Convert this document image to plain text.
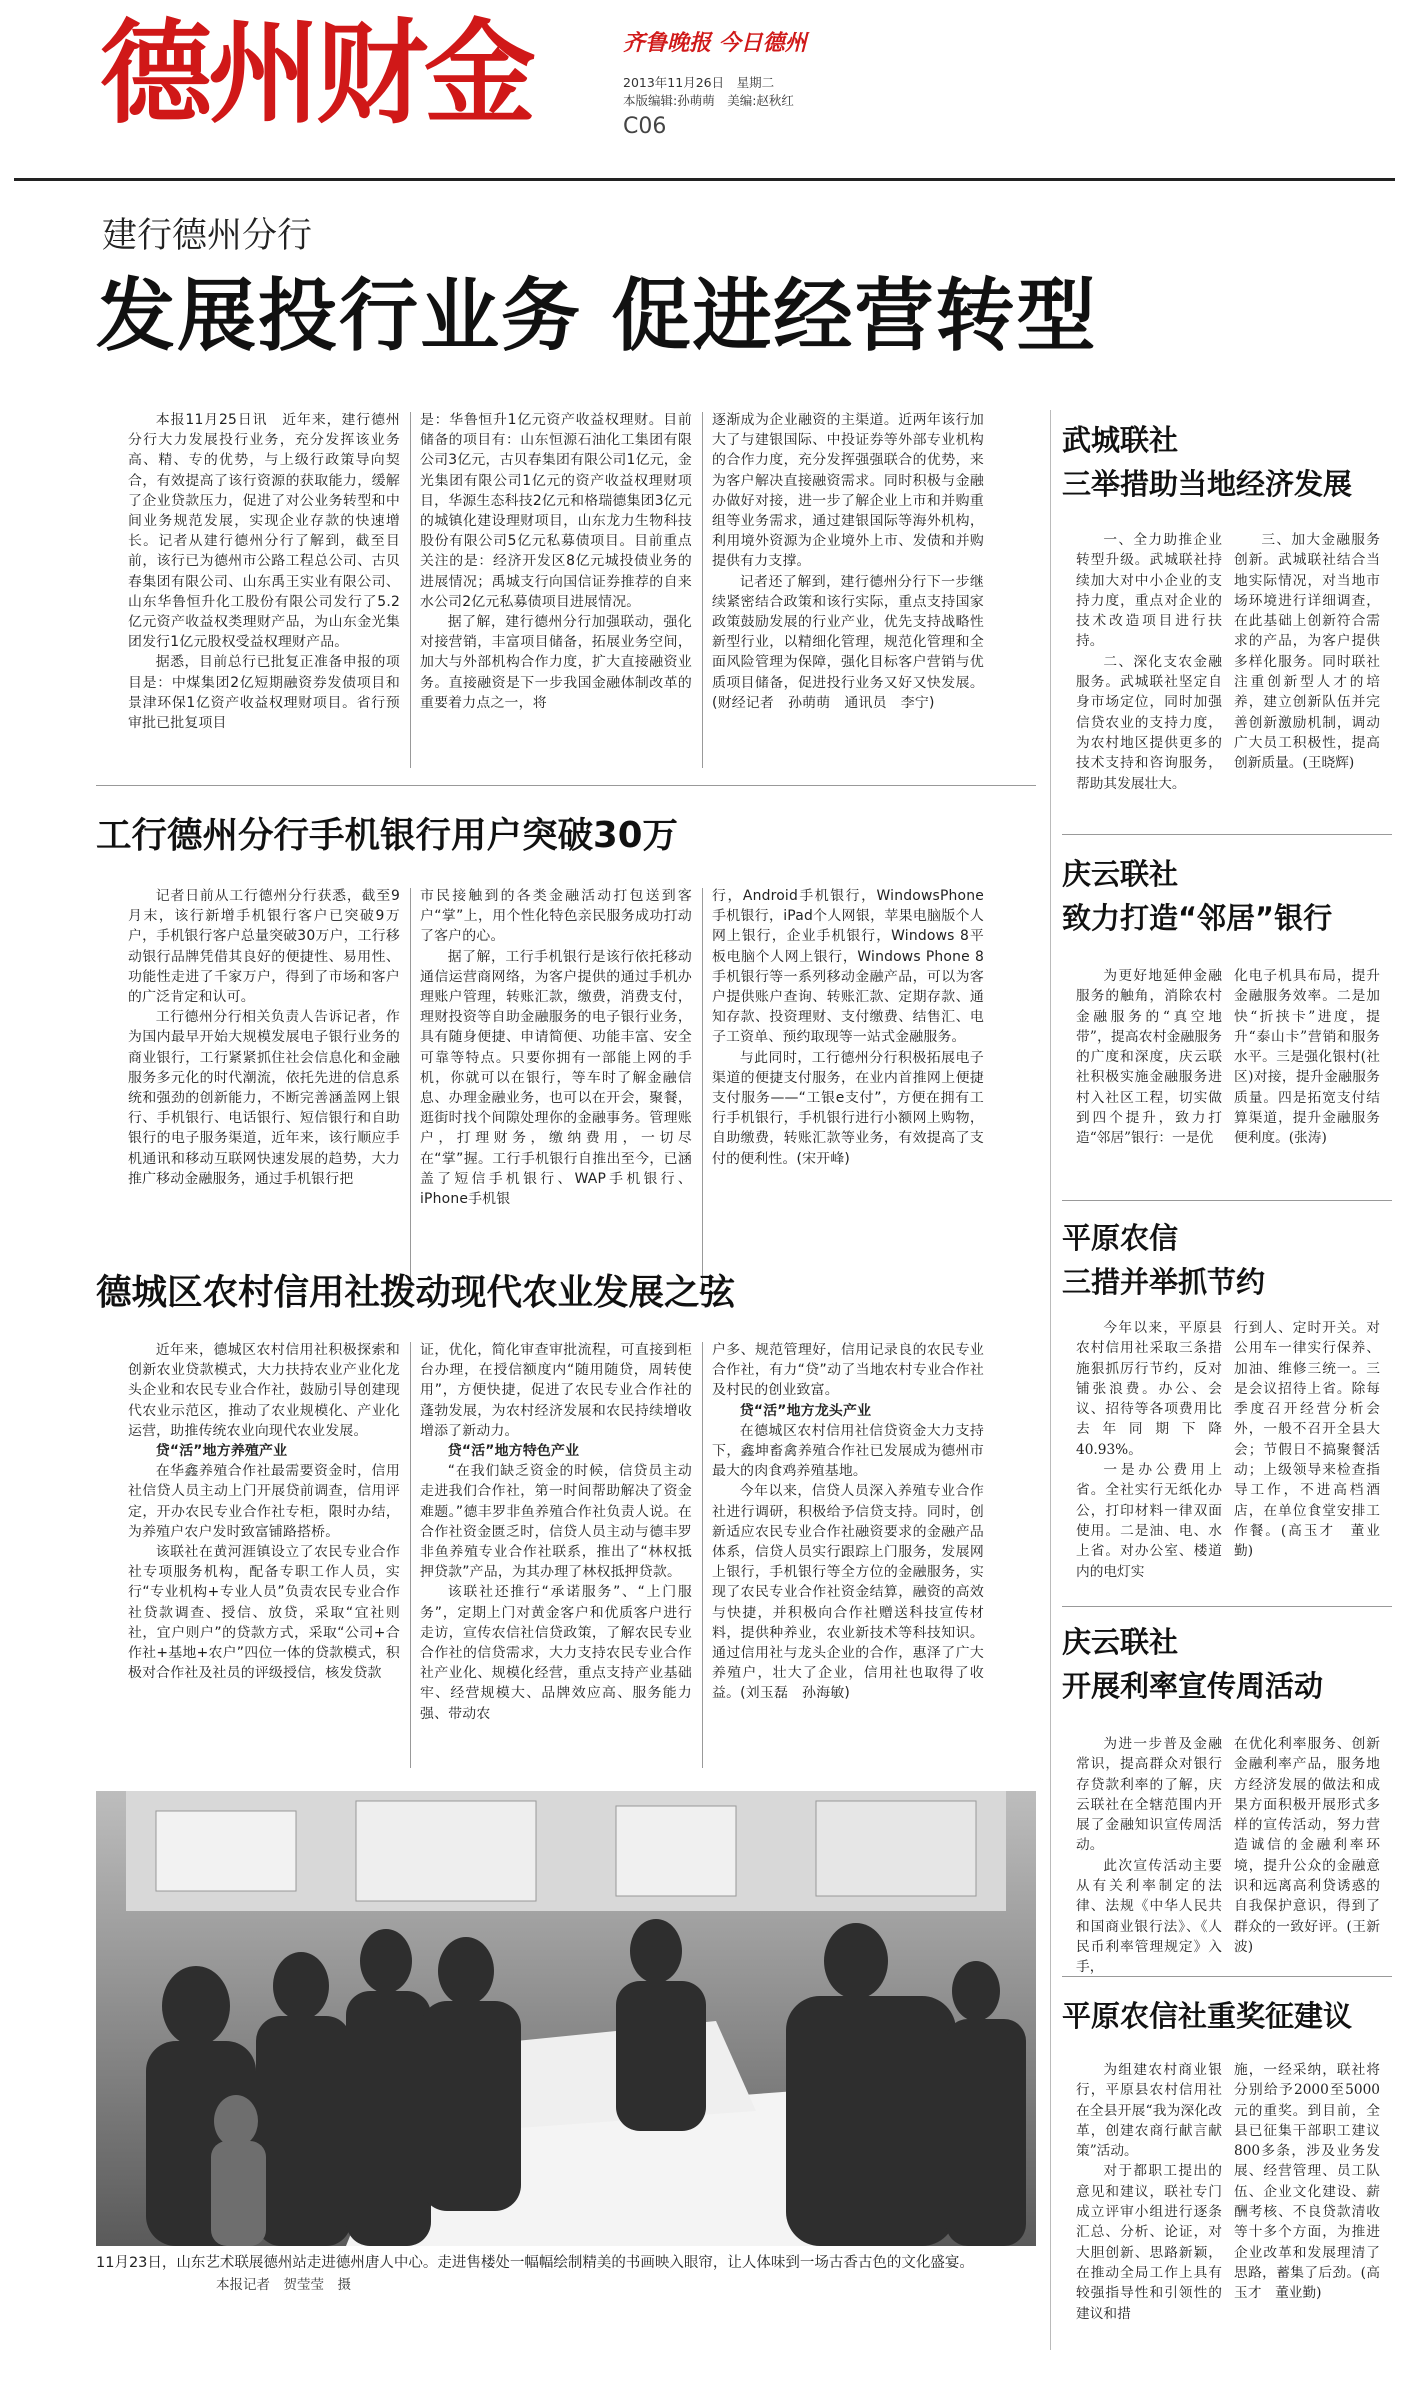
德州财金	齐鲁晚报 今日德州
2013年11月26日　星期二
本版编辑:孙萌萌　美编:赵秋红
C06
建行德州分行
发展投行业务 促进经营转型

本报11月25日讯　近年来，建行德州分行大力发展投行业务，充分发挥该业务高、精、专的优势，与上级行政策导向契合，有效提高了该行资源的获取能力，缓解了企业贷款压力，促进了对公业务转型和中间业务规范发展，实现企业存款的快速增长。记者从建行德州分行了解到，截至目前，该行已为德州市公路工程总公司、古贝春集团有限公司、山东禹王实业有限公司、山东华鲁恒升化工股份有限公司发行了5.2亿元资产收益权类理财产品，为山东金光集团发行1亿元股权受益权理财产品。

据悉，目前总行已批复正准备申报的项目是：中煤集团2亿短期融资券发债项目和景津环保1亿资产收益权理财项目。省行预审批已批复项目

是：华鲁恒升1亿元资产收益权理财。目前储备的项目有：山东恒源石油化工集团有限公司3亿元，古贝春集团有限公司1亿元，金光集团有限公司1亿元的资产收益权理财项目，华源生态科技2亿元和格瑞德集团3亿元的城镇化建设理财项目，山东龙力生物科技股份有限公司5亿元私募债项目。目前重点关注的是：经济开发区8亿元城投债业务的进展情况；禹城支行向国信证券推荐的自来水公司2亿元私募债项目进展情况。

据了解，建行德州分行加强联动，强化对接营销，丰富项目储备，拓展业务空间，加大与外部机构合作力度，扩大直接融资业务。直接融资是下一步我国金融体制改革的重要着力点之一，将

逐渐成为企业融资的主渠道。近两年该行加大了与建银国际、中投证券等外部专业机构的合作力度，充分发挥强强联合的优势，来为客户解决直接融资需求。同时积极与金融办做好对接，进一步了解企业上市和并购重组等业务需求，通过建银国际等海外机构，利用境外资源为企业境外上市、发债和并购提供有力支撑。

记者还了解到，建行德州分行下一步继续紧密结合政策和该行实际，重点支持国家政策鼓励发展的行业产业，优先支持战略性新型行业，以精细化管理，规范化管理和全面风险管理为保障，强化目标客户营销与优质项目储备，促进投行业务又好又快发展。(财经记者　孙萌萌　通讯员　李宁)

工行德州分行手机银行用户突破30万

记者日前从工行德州分行获悉，截至9月末，该行新增手机银行客户已突破9万户，手机银行客户总量突破30万户，工行移动银行品牌凭借其良好的便捷性、易用性、功能性走进了千家万户，得到了市场和客户的广泛肯定和认可。

工行德州分行相关负责人告诉记者，作为国内最早开始大规模发展电子银行业务的商业银行，工行紧紧抓住社会信息化和金融服务多元化的时代潮流，依托先进的信息系统和强劲的创新能力，不断完善涵盖网上银行、手机银行、电话银行、短信银行和自助银行的电子服务渠道，近年来，该行顺应手机通讯和移动互联网快速发展的趋势，大力推广移动金融服务，通过手机银行把

市民接触到的各类金融活动打包送到客户“掌”上，用个性化特色亲民服务成功打动了客户的心。

据了解，工行手机银行是该行依托移动通信运营商网络，为客户提供的通过手机办理账户管理，转账汇款，缴费，消费支付，理财投资等自助金融服务的电子银行业务，具有随身便捷、申请简便、功能丰富、安全可靠等特点。只要你拥有一部能上网的手机，你就可以在银行，等车时了解金融信息、办理金融业务，也可以在开会，聚餐，逛街时找个间隙处理你的金融事务。管理账户，打理财务，缴纳费用，一切尽在“掌”握。工行手机银行自推出至今，已涵盖了短信手机银行、WAP手机银行、iPhone手机银

行，Android手机银行，WindowsPhone手机银行，iPad个人网银，苹果电脑版个人网上银行，企业手机银行，Windows 8平板电脑个人网上银行，Windows Phone 8手机银行等一系列移动金融产品，可以为客户提供账户查询、转账汇款、定期存款、通知存款、投资理财、支付缴费、结售汇、电子工资单、预约取现等一站式金融服务。

与此同时，工行德州分行积极拓展电子渠道的便捷支付服务，在业内首推网上便捷支付服务——“工银e支付”，方便在拥有工行手机银行，手机银行进行小额网上购物，自助缴费，转账汇款等业务，有效提高了支付的便利性。(宋开峰)

德城区农村信用社拨动现代农业发展之弦

近年来，德城区农村信用社积极探索和创新农业贷款模式，大力扶持农业产业化龙头企业和农民专业合作社，鼓励引导创建现代农业示范区，推动了农业规模化、产业化运营，助推传统农业向现代农业发展。

贷“活”地方养殖产业

在华鑫养殖合作社最需要资金时，信用社信贷人员主动上门开展贷前调查，信用评定，开办农民专业合作社专柜，限时办结，为养殖户农户发时致富铺路搭桥。

该联社在黄河涯镇设立了农民专业合作社专项服务机构，配备专职工作人员，实行“专业机构+专业人员”负责农民专业合作社贷款调查、授信、放贷，采取“宜社则社，宜户则户”的贷款方式，采取“公司+合作社+基地+农户”四位一体的贷款模式，积极对合作社及社员的评级授信，核发贷款

证，优化，简化审查审批流程，可直接到柜台办理，在授信额度内“随用随贷，周转使用”，方便快捷，促进了农民专业合作社的蓬勃发展，为农村经济发展和农民持续增收增添了新动力。

贷“活”地方特色产业

“在我们缺乏资金的时候，信贷员主动走进我们合作社，第一时间帮助解决了资金难题。”德丰罗非鱼养殖合作社负责人说。在合作社资金匮乏时，信贷人员主动与德丰罗非鱼养殖专业合作社联系，推出了“林权抵押贷款”产品，为其办理了林权抵押贷款。

该联社还推行“承诺服务”、“上门服务”，定期上门对黄金客户和优质客户进行走访，宣传农信社信贷政策，了解农民专业合作社的信贷需求，大力支持农民专业合作社产业化、规模化经营，重点支持产业基础牢、经营规模大、品牌效应高、服务能力强、带动农

户多、规范管理好，信用记录良的农民专业合作社，有力“贷”动了当地农村专业合作社及村民的创业致富。

贷“活”地方龙头产业

在德城区农村信用社信贷资金大力支持下，鑫坤畜禽养殖合作社已发展成为德州市最大的肉食鸡养殖基地。

今年以来，信贷人员深入养殖专业合作社进行调研，积极给予信贷支持。同时，创新适应农民专业合作社融资要求的金融产品体系，信贷人员实行跟踪上门服务，发展网上银行，手机银行等全方位的金融服务，实现了农民专业合作社资金结算，融资的高效与快捷，并积极向合作社赠送科技宣传材料，提供种养业，农业新技术等科技知识。通过信用社与龙头企业的合作，惠泽了广大养殖户，壮大了企业，信用社也取得了收益。(刘玉磊　孙海敏)

11月23日，山东艺术联展德州站走进德州唐人中心。走进售楼处一幅幅绘制精美的书画映入眼帘，让人体味到一场古香古色的文化盛宴。 本报记者　贺莹莹　摄
武城联社
三举措助当地经济发展

一、全力助推企业转型升级。武城联社持续加大对中小企业的支持力度，重点对企业的技术改造项目进行扶持。

二、深化支农金融服务。武城联社坚定自身市场定位，同时加强信贷农业的支持力度，为农村地区提供更多的技术支持和咨询服务，帮助其发展壮大。

三、加大金融服务创新。武城联社结合当地实际情况，对当地市场环境进行详细调查，在此基础上创新符合需求的产品，为客户提供多样化服务。同时联社注重创新型人才的培养，建立创新队伍并完善创新激励机制，调动广大员工积极性，提高创新质量。(王晓辉)

庆云联社
致力打造“邻居”银行

为更好地延伸金融服务的触角，消除农村金融服务的“真空地带”，提高农村金融服务的广度和深度，庆云联社积极实施金融服务进村入社区工程，切实做到四个提升，致力打造“邻居”银行：一是优

化电子机具布局，提升金融服务效率。二是加快“折挟卡”进度，提升“泰山卡”营销和服务水平。三是强化银村(社区)对接，提升金融服务质量。四是拓宽支付结算渠道，提升金融服务便利度。(张涛)

平原农信
三措并举抓节约

今年以来，平原县农村信用社采取三条措施狠抓厉行节约，反对铺张浪费。办公、会议、招待等各项费用比去年同期下降40.93%。

一是办公费用上省。全社实行无纸化办公，打印材料一律双面使用。二是油、电、水上省。对办公室、楼道内的电灯实

行到人、定时开关。对公用车一律实行保养、加油、维修三统一。三是会议招待上省。除每季度召开经营分析会外，一般不召开全县大会；节假日不搞聚餐活动；上级领导来检查指导工作，不进高档酒店，在单位食堂安排工作餐。(高玉才　董业勤)

庆云联社
开展利率宣传周活动

为进一步普及金融常识，提高群众对银行存贷款利率的了解，庆云联社在全辖范围内开展了金融知识宣传周活动。

此次宣传活动主要从有关利率制定的法律、法规《中华人民共和国商业银行法》、《人民币利率管理规定》入手，

在优化利率服务、创新金融利率产品，服务地方经济发展的做法和成果方面积极开展形式多样的宣传活动，努力营造诚信的金融利率环境，提升公众的金融意识和远离高利贷诱惑的自我保护意识，得到了群众的一致好评。(王新波)

平原农信社重奖征建议

为组建农村商业银行，平原县农村信用社在全县开展“我为深化改革，创建农商行献言献策”活动。

对于都职工提出的意见和建议，联社专门成立评审小组进行逐条汇总、分析、论证，对大胆创新、思路新颖，在推动全局工作上具有较强指导性和引领性的建议和措

施，一经采纳，联社将分别给予2000至5000元的重奖。到目前，全县已征集干部职工建议800多条，涉及业务发展、经营管理、员工队伍、企业文化建设、薪酬考核、不良贷款清收等十多个方面，为推进企业改革和发展理清了思路，蓄集了后劲。(高玉才　董业勤)
